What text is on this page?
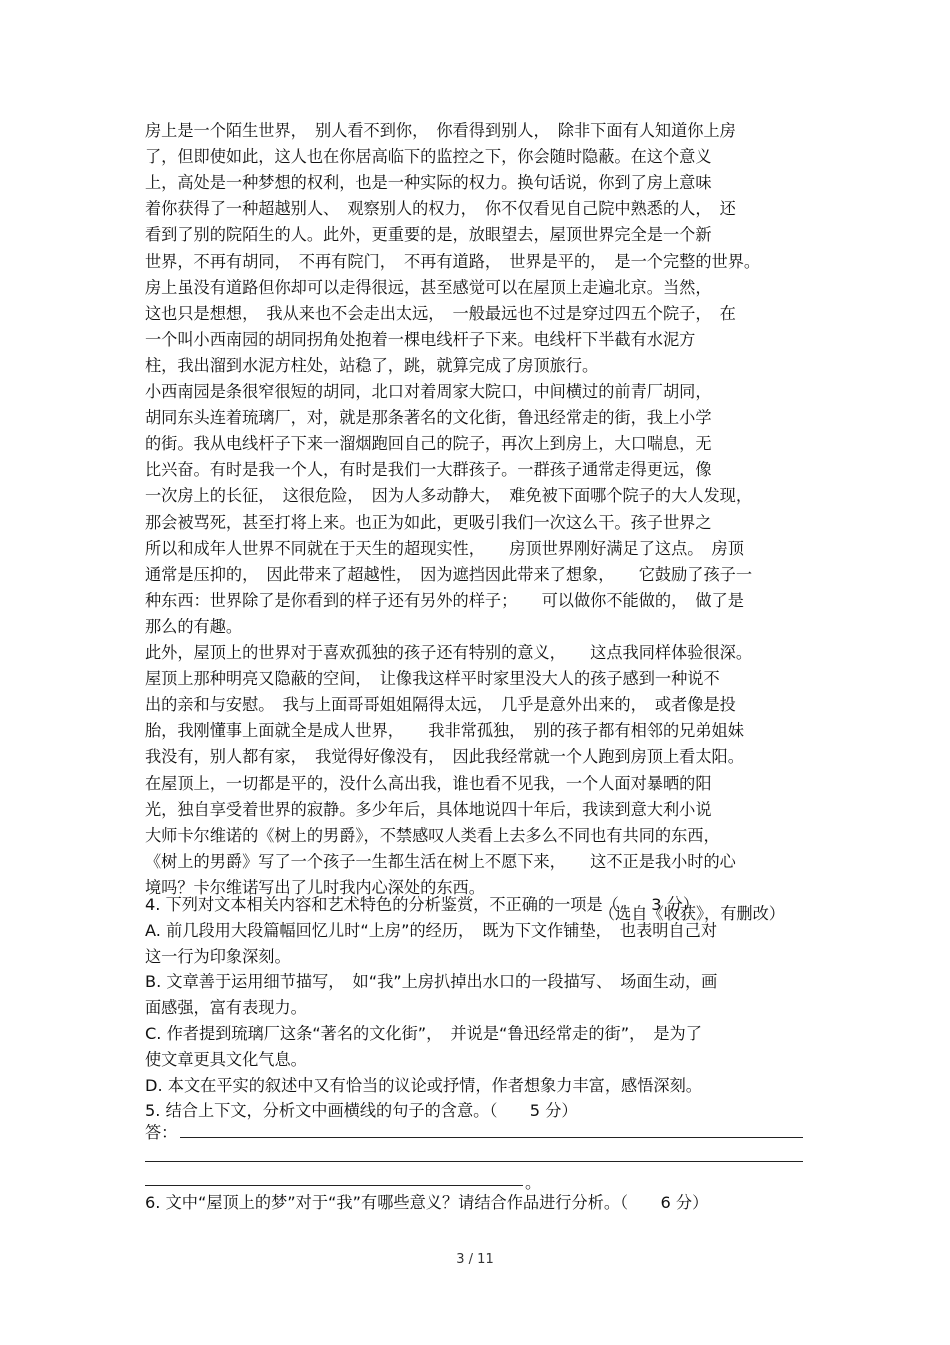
房上是一个陌生世界，　别人看不到你，　你看得到别人，　除非下面有人知道你上房
了，但即使如此，这人也在你居高临下的监控之下，你会随时隐蔽。在这个意义
上，高处是一种梦想的权利，也是一种实际的权力。换句话说，你到了房上意味
着你获得了一种超越别人、　观察别人的权力，　你不仅看见自己院中熟悉的人，　还
看到了别的院陌生的人。此外，更重要的是，放眼望去，屋顶世界完全是一个新
世界，不再有胡同，　不再有院门，　不再有道路，　世界是平的，　是一个完整的世界。
房上虽没有道路但你却可以走得很远，甚至感觉可以在屋顶上走遍北京。当然，
这也只是想想，　我从来也不会走出太远，　一般最远也不过是穿过四五个院子，　在
一个叫小西南园的胡同拐角处抱着一棵电线杆子下来。电线杆下半截有水泥方
柱，我出溜到水泥方柱处，站稳了，跳，就算完成了房顶旅行。
小西南园是条很窄很短的胡同，北口对着周家大院口，中间横过的前青厂胡同，
胡同东头连着琉璃厂，对，就是那条著名的文化街，鲁迅经常走的街，我上小学
的街。我从电线杆子下来一溜烟跑回自己的院子，再次上到房上，大口喘息，无
比兴奋。有时是我一个人，有时是我们一大群孩子。一群孩子通常走得更远，像
一次房上的长征，　这很危险，　因为人多动静大，　难免被下面哪个院子的大人发现，
那会被骂死，甚至打将上来。也正为如此，更吸引我们一次这么干。孩子世界之
所以和成年人世界不同就在于天生的超现实性，　　房顶世界刚好满足了这点。　房顶
通常是压抑的，　因此带来了超越性，　因为遮挡因此带来了想象，　　它鼓励了孩子一
种东西：世界除了是你看到的样子还有另外的样子；　　可以做你不能做的，　做了是
那么的有趣。
此外，屋顶上的世界对于喜欢孤独的孩子还有特别的意义，　　这点我同样体验很深。
屋顶上那种明亮又隐蔽的空间，　让像我这样平时家里没大人的孩子感到一种说不
出的亲和与安慰。　我与上面哥哥姐姐隔得太远，　几乎是意外出来的，　或者像是投
胎，我刚懂事上面就全是成人世界，　　我非常孤独，　别的孩子都有相邻的兄弟姐妹
我没有，别人都有家，　我觉得好像没有，　因此我经常就一个人跑到房顶上看太阳。
在屋顶上，一切都是平的，没什么高出我，谁也看不见我，一个人面对暴晒的阳
光，独自享受着世界的寂静。多少年后，具体地说四十年后，我读到意大利小说
大师卡尔维诺的《树上的男爵》，不禁感叹人类看上去多么不同也有共同的东西，
《树上的男爵》写了一个孩子一生都生活在树上不愿下来，　　这不正是我小时的心
境吗？卡尔维诺写出了儿时我内心深处的东西。
（选自《收获》，有删改）
4. 下列对文本相关内容和艺术特色的分析鉴赏，不正确的一项是（　　3 分）
A. 前几段用大段篇幅回忆儿时“上房”的经历，　既为下文作铺垫，　也表明自己对
这一行为印象深刻。
B. 文章善于运用细节描写，　如“我”上房扒掉出水口的一段描写、　场面生动，画
面感强，富有表现力。
C. 作者提到琉璃厂这条“著名的文化街”，　并说是“鲁迅经常走的街”，　是为了
使文章更具文化气息。
D. 本文在平实的叙述中又有恰当的议论或抒情，作者想象力丰富，感悟深刻。
5. 结合上下文，分析文中画横线的句子的含意。（　　5 分）
答：
。
6. 文中“屋顶上的梦”对于“我”有哪些意义？请结合作品进行分析。（　　6 分）
3 / 11
